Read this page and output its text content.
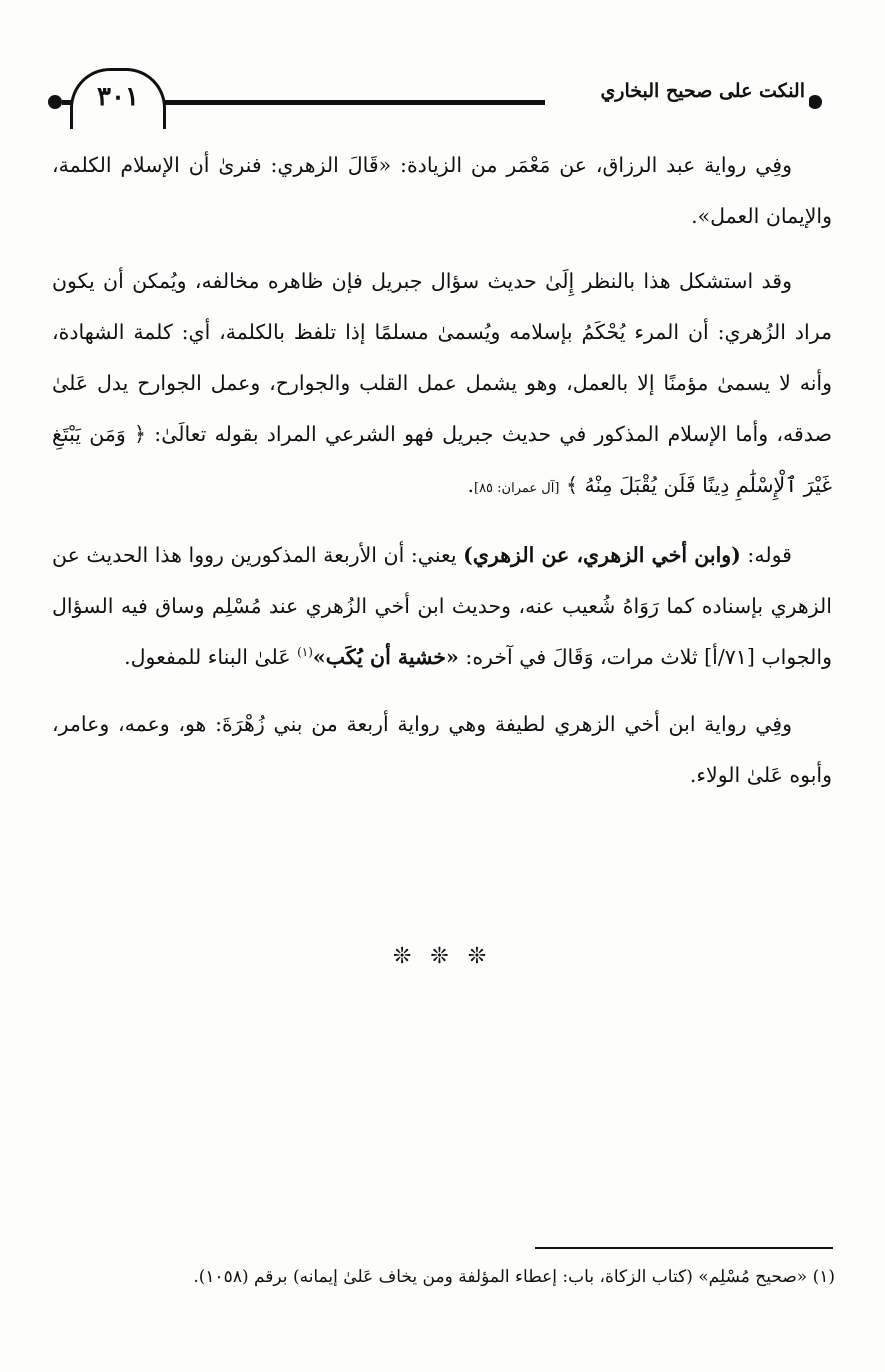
٣٠١	النكت على صحيح البخاري

وفِي رواية عبد الرزاق، عن مَعْمَر من الزيادة: «قَالَ الزهري: فنرىٰ أن الإسلام الكلمة، والإيمان العمل».

وقد استشكل هذا بالنظر إِلَىٰ حديث سؤال جبريل فإن ظاهره مخالفه، ويُمكن أن يكون مراد الزُهري: أن المرء يُحْكَمُ بإسلامه ويُسمىٰ مسلمًا إذا تلفظ بالكلمة، أي: كلمة الشهادة، وأنه لا يسمىٰ مؤمنًا إلا بالعمل، وهو يشمل عمل القلب والجوارح، وعمل الجوارح يدل عَلىٰ صدقه، وأما الإسلام المذكور في حديث جبريل فهو الشرعي المراد بقوله تعالَىٰ: ﴿ وَمَن يَبْتَغِ غَيْرَ ٱلْإِسْلَٰمِ دِينًا فَلَن يُقْبَلَ مِنْهُ ﴾ [آل عمران: ٨٥].

قوله: (وابن أخي الزهري، عن الزهري) يعني: أن الأربعة المذكورين رووا هذا الحديث عن الزهري بإسناده كما رَوَاهُ شُعيب عنه، وحديث ابن أخي الزُهري عند مُسْلِم وساق فيه السؤال والجواب [٧١/أ] ثلاث مرات، وَقَالَ في آخره: «خشية أن يُكَب»$^{(١)}$ عَلىٰ البناء للمفعول.

وفِي رواية ابن أخي الزهري لطيفة وهي رواية أربعة من بني زُهْرَةَ: هو، وعمه، وعامر، وأبوه عَلىٰ الولاء.

❊ ❊ ❊
(١) «صحيح مُسْلِم» (كتاب الزكاة، باب: إعطاء المؤلفة ومن يخاف عَلىٰ إيمانه) برقم (١٠٥٨).
